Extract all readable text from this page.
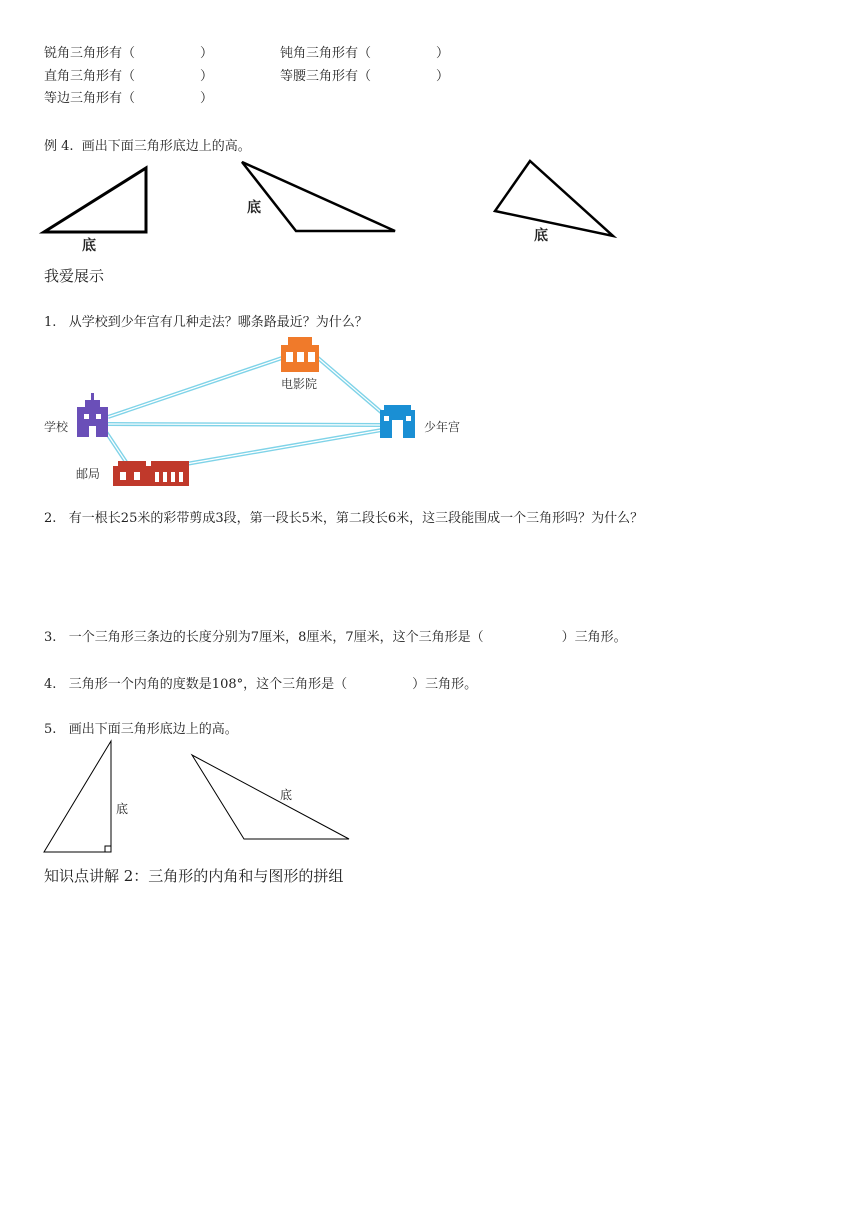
锐角三角形有（　　　　　）	钝角三角形有（　　　　　）
直角三角形有（　　　　　）	等腰三角形有（　　　　　）
等边三角形有（　　　　　）
例 4.  画出下面三角形底边上的高。
底
底
底
我爱展示
1.   从学校到少年宫有几种走法？哪条路最近？为什么？
学校
电影院
少年宫
邮局
2.   有一根长25米的彩带剪成3段，第一段长5米，第二段长6米，这三段能围成一个三角形吗？为什么？
3.   一个三角形三条边的长度分别为7厘米，8厘米，7厘米，这个三角形是（　　　　　　）三角形。
4.   三角形一个内角的度数是108°，这个三角形是（　　　　　）三角形。
5.   画出下面三角形底边上的高。
底
底
知识点讲解 2：三角形的内角和与图形的拼组
